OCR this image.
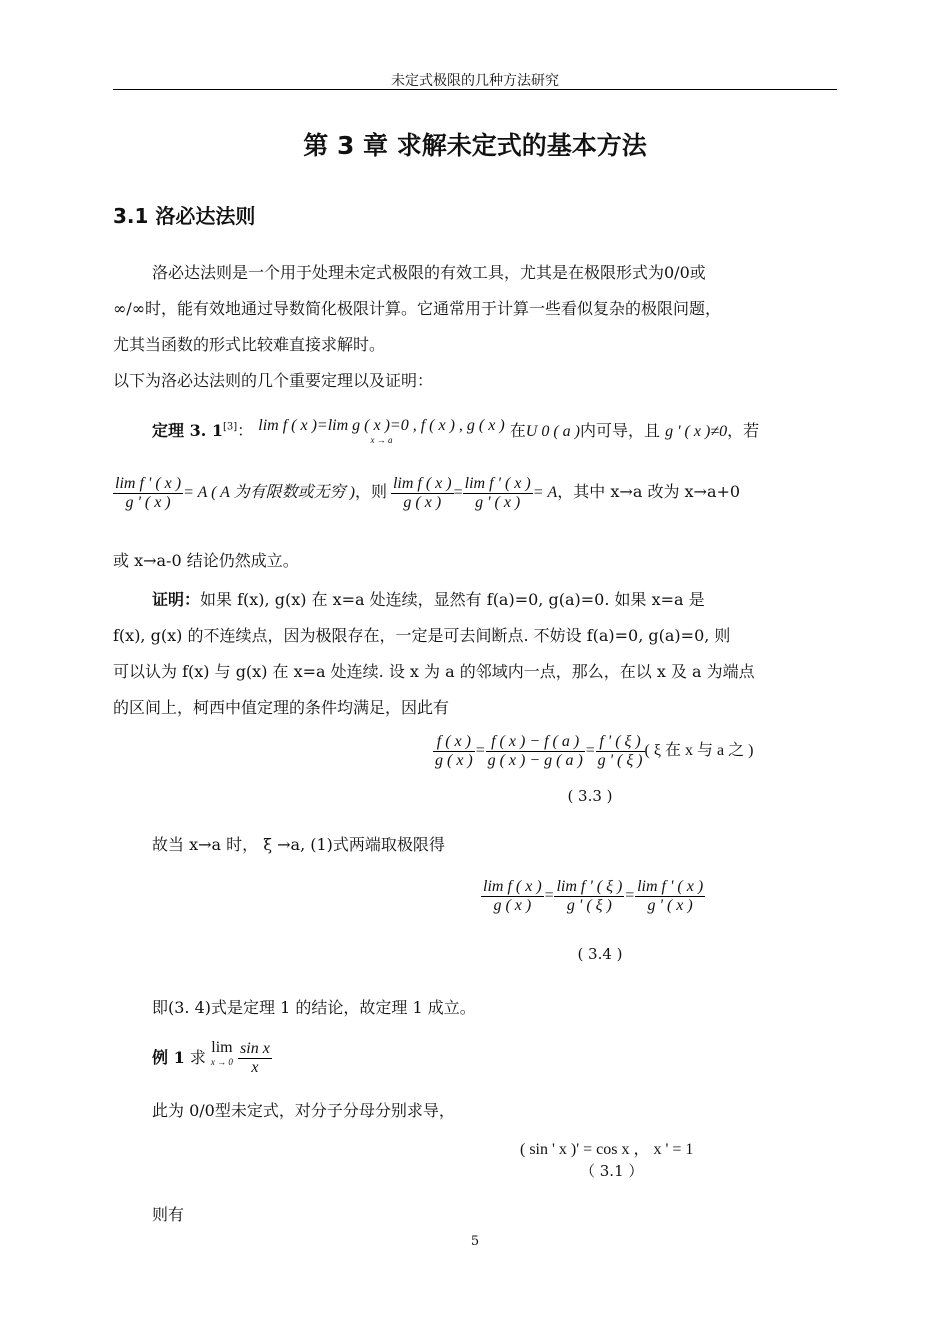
未定式极限的几种方法研究
第 3 章 求解未定式的基本方法
3.1 洛必达法则
洛必达法则是一个用于处理未定式极限的有效工具，尤其是在极限形式为0/0或
∞/∞时，能有效地通过导数简化极限计算。它通常用于计算一些看似复杂的极限问题，
尤其当函数的形式比较难直接求解时。
以下为洛必达法则的几个重要定理以及证明：
定理 3. 1[3]： lim f ( x )=lim g ( x )=0 , f ( x ) , g ( x )
x → a	在U 0 ( a )内可导，且 g ' ( x )≠0，若
$\frac{\text{lim f ' ( x )}}{g ' ( x )} = A$ ( A 为有限数或无穷 )，则 $\frac{\text{lim f ( x )}}{g ( x )} = \frac{\text{lim f ' ( x )}}{g ' ( x )} = A$，其中 x→a 改为 x→a+0
或 x→a-0 结论仍然成立。
证明：如果 f(x), g(x) 在 x=a 处连续，显然有 f(a)=0, g(a)=0. 如果 x=a 是
f(x), g(x) 的不连续点，因为极限存在，一定是可去间断点. 不妨设 f(a)=0, g(a)=0, 则
可以认为 f(x) 与 g(x) 在 x=a 处连续. 设 x 为 a 的邻域内一点，那么，在以 x 及 a 为端点
的区间上，柯西中值定理的条件均满足，因此有
$\frac{f ( x )}{g ( x )} = \frac{f ( x ) - f ( a )}{g ( x ) - g ( a )} = \frac{f ' ( \xi )}{g ' ( \xi )}$ ( ξ 在 x 与 a 之 )
( 3.3 )
故当 x→a 时， ξ →a, (1)式两端取极限得
$\frac{\text{lim f ( x )}}{g ( x )} = \frac{\text{lim f ' ( ξ )}}{g ' ( \xi )} = \frac{\text{lim f ' ( x )}}{g ' ( x )}$
( 3.4 )
即(3. 4)式是定理 1 的结论，故定理 1 成立。
例 1 求 lim
x → 0
$\frac{\text{sin x}}{x}$
此为 0/0型未定式，对分子分母分别求导，
( sin ' x )' = cos x ， x ' = 1
（ 3.1 ）
则有
5
